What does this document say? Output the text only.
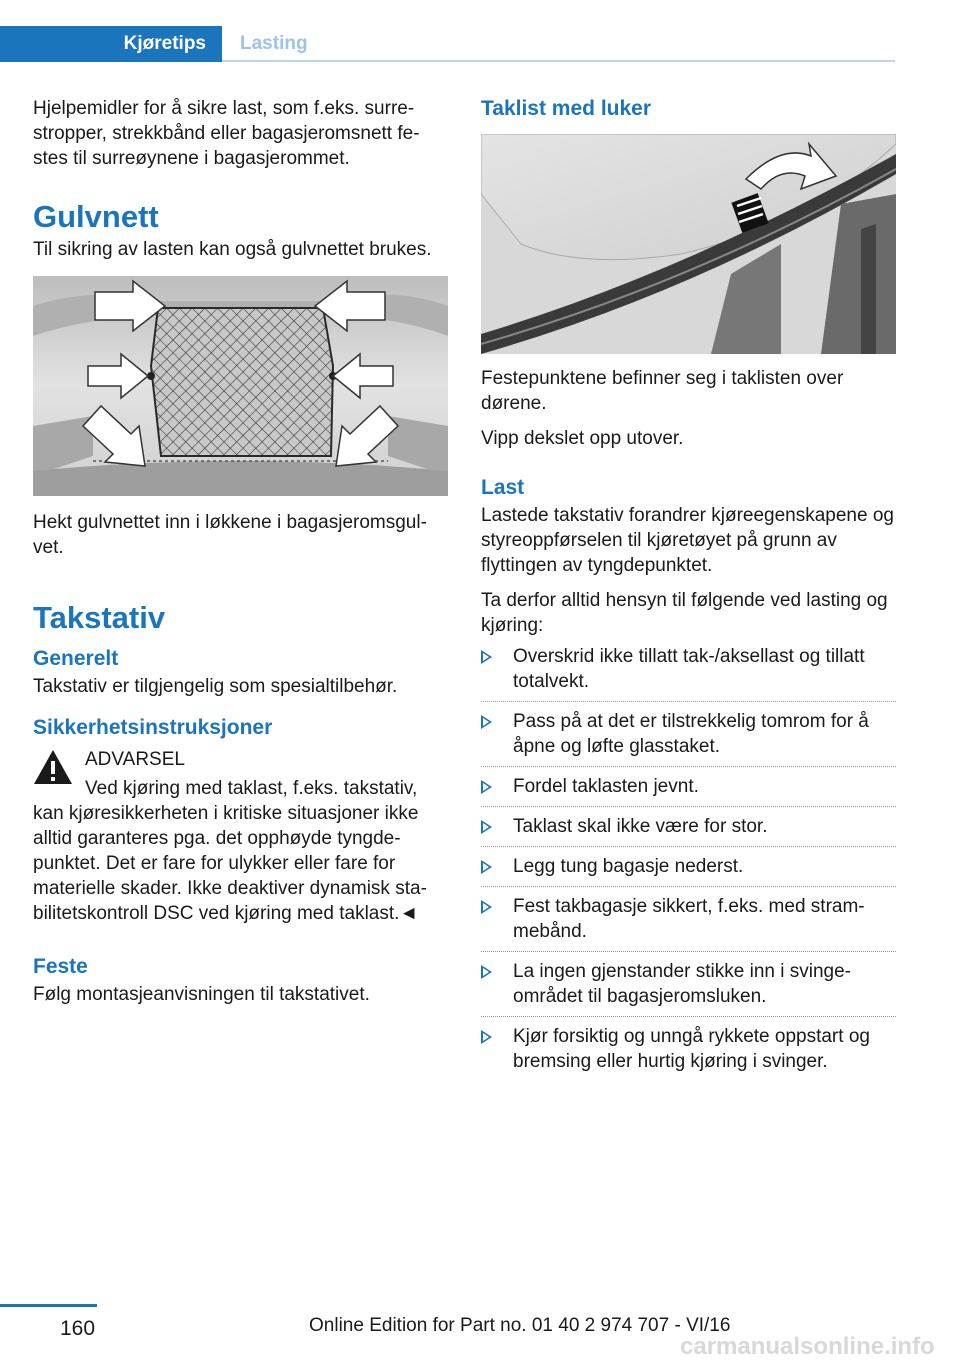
Kjøretips	Lasting

Hjelpemidler for å sikre last, som f.eks. surrestropper, strekkbånd eller bagasjeromsnett festes til surreøynene i bagasjerommet.

Gulvnett

Til sikring av lasten kan også gulvnettet brukes.

Hekt gulvnettet inn i løkkene i bagasjeromsgulvet.

Takstativ
Generelt

Takstativ er tilgjengelig som spesialtilbehør.

Sikkerhetsinstruksjoner
ADVARSEL

Ved kjøring med taklast, f.eks. takstativ, kan kjøresikkerheten i kritiske situasjoner ikke alltid garanteres pga. det opphøyde tyngdepunktet. Det er fare for ulykker eller fare for materielle skader. Ikke deaktiver dynamisk stabilitetskontroll DSC ved kjøring med taklast.◄

Feste

Følg montasjeanvisningen til takstativet.

Taklist med luker

Festepunktene befinner seg i taklisten over dørene.

Vipp dekslet opp utover.

Last

Lastede takstativ forandrer kjøreegenskapene og styreoppførselen til kjøretøyet på grunn av flyttingen av tyngdepunktet.

Ta derfor alltid hensyn til følgende ved lasting og kjøring:

Overskrid ikke tillatt tak-/aksellast og tillatt totalvekt.
Pass på at det er tilstrekkelig tomrom for å åpne og løfte glasstaket.
Fordel taklasten jevnt.
Taklast skal ikke være for stor.
Legg tung bagasje nederst.
Fest takbagasje sikkert, f.eks. med strammebånd.
La ingen gjenstander stikke inn i svingeområdet til bagasjeromsluken.
Kjør forsiktig og unngå rykkete oppstart og bremsing eller hurtig kjøring i svinger.
160	Online Edition for Part no. 01 40 2 974 707 - VI/16
carmanualsonline.info
